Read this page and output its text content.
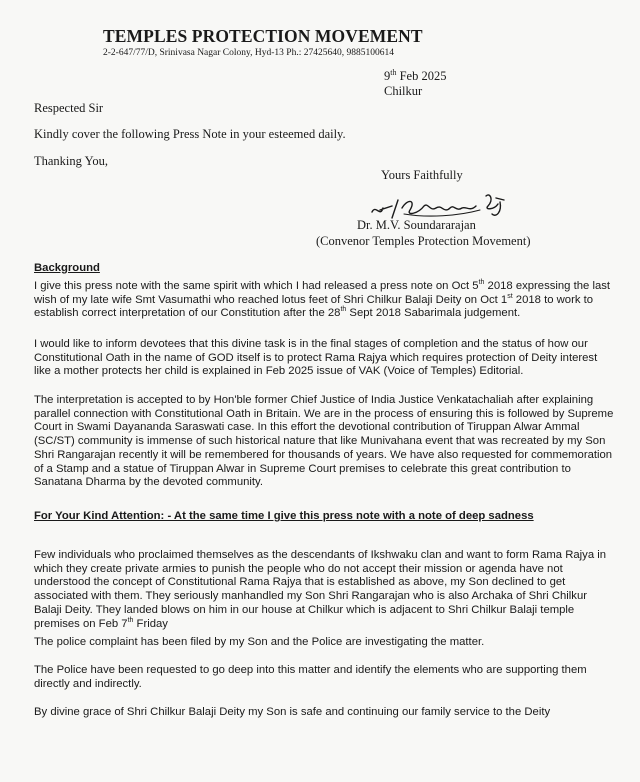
TEMPLES PROTECTION MOVEMENT
2-2-647/77/D, Srinivasa Nagar Colony, Hyd-13 Ph.: 27425640, 9885100614
9th Feb 2025
Chilkur
Respected Sir
Kindly cover the following Press Note in your esteemed daily.
Thanking You,
Yours Faithfully
Dr. M.V. Soundararajan
(Convenor Temples Protection Movement)
Background

I give this press note with the same spirit with which I had released a press note on Oct 5th 2018 expressing the last wish of my late wife Smt Vasumathi who reached lotus feet of Shri Chilkur Balaji Deity on Oct 1st 2018 to work to establish correct interpretation of our Constitution after the 28th Sept 2018 Sabarimala judgement.

I would like to inform devotees that this divine task is in the final stages of completion and the status of how our Constitutional Oath in the name of GOD itself is to protect Rama Rajya which requires protection of Deity interest like a mother protects her child is explained in Feb 2025 issue of VAK (Voice of Temples) Editorial.

The interpretation is accepted to by Hon'ble former Chief Justice of India Justice Venkatachaliah after explaining parallel connection with Constitutional Oath in Britain. We are in the process of ensuring this is followed by Supreme Court in Swami Dayananda Saraswati case. In this effort the devotional contribution of Tiruppan Alwar Ammal (SC/ST) community is immense of such historical nature that like Munivahana event that was recreated by my Son Shri Rangarajan recently it will be remembered for thousands of years. We have also requested for commemoration of a Stamp and a statue of Tiruppan Alwar in Supreme Court premises to celebrate this great contribution to Sanatana Dharma by the devoted community.

For Your Kind Attention: - At the same time I give this press note with a note of deep sadness

Few individuals who proclaimed themselves as the descendants of Ikshwaku clan and want to form Rama Rajya in which they create private armies to punish the people who do not accept their mission or agenda have not understood the concept of Constitutional Rama Rajya that is established as above, my Son declined to get associated with them. They seriously manhandled my Son Shri Rangarajan who is also Archaka of Shri Chilkur Balaji Deity. They landed blows on him in our house at Chilkur which is adjacent to Shri Chilkur Balaji temple premises on Feb 7th Friday

The police complaint has been filed by my Son and the Police are investigating the matter.

The Police have been requested to go deep into this matter and identify the elements who are supporting them directly and indirectly.

By divine grace of Shri Chilkur Balaji Deity my Son is safe and continuing our family service to the Deity
